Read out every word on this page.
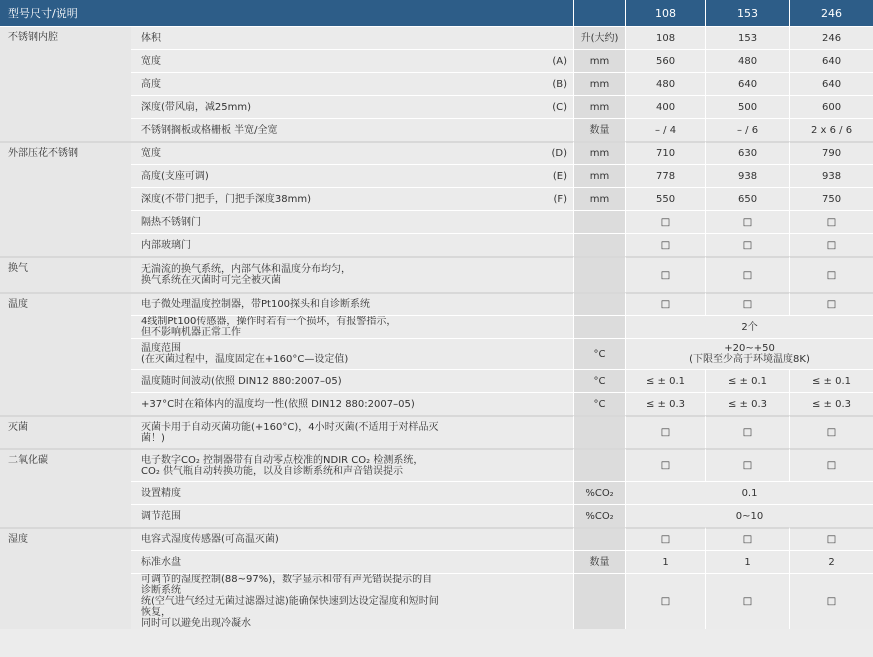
型号尺寸/说明				108	153	246
不锈钢内腔	体积		升(大约)	108	153	246
	宽度	(A)	mm	560	480	640
	高度	(B)	mm	480	640	640
	深度(带风扇，减25mm)	(C)	mm	400	500	600
	不锈钢搁板或格栅板 半宽/全宽		数量	– / 4	– / 6	2 x 6 / 6
外部压花不锈钢	宽度	(D)	mm	710	630	790
	高度(支座可调)	(E)	mm	778	938	938
	深度(不带门把手，门把手深度38mm)	(F)	mm	550	650	750
	隔热不锈钢门			□	□	□
	内部玻璃门			□	□	□
换气	无湍流的换气系统，内部气体和温度分布均匀，
换气系统在灭菌时可完全被灭菌			□	□	□
温度	电子微处理温度控制器，带Pt100探头和自诊断系统			□	□	□
	4线制Pt100传感器，操作时若有一个损坏，有报警指示，
但不影响机器正常工作			2个		
	温度范围
(在灭菌过程中，温度固定在+160°C—设定值)		°C	+20~+50
(下限至少高于环境温度8K)		
	温度随时间波动(依照 DIN12 880:2007–05)		°C	≤ ± 0.1	≤ ± 0.1	≤ ± 0.1
	+37°C时在箱体内的温度均一性(依照 DIN12 880:2007–05)		°C	≤ ± 0.3	≤ ± 0.3	≤ ± 0.3
灭菌	灭菌卡用于自动灭菌功能(+160°C)，4小时灭菌(不适用于对样品灭菌！)			□	□	□
二氧化碳	电子数字CO₂ 控制器带有自动零点校准的NDIR CO₂ 检测系统，
CO₂ 供气瓶自动转换功能，以及自诊断系统和声音错误提示			□	□	□
	设置精度		%CO₂	0.1		
	调节范围		%CO₂	0~10		
湿度	电容式湿度传感器(可高温灭菌)			□	□	□
	标准水盘		数量	1	1	2
	可调节的湿度控制(88~97%)，数字显示和带有声光错误提示的自诊断系统
统(空气进气经过无菌过滤器过滤)能确保快速到达设定湿度和短时间恢复，
同时可以避免出现冷凝水			□	□	□
